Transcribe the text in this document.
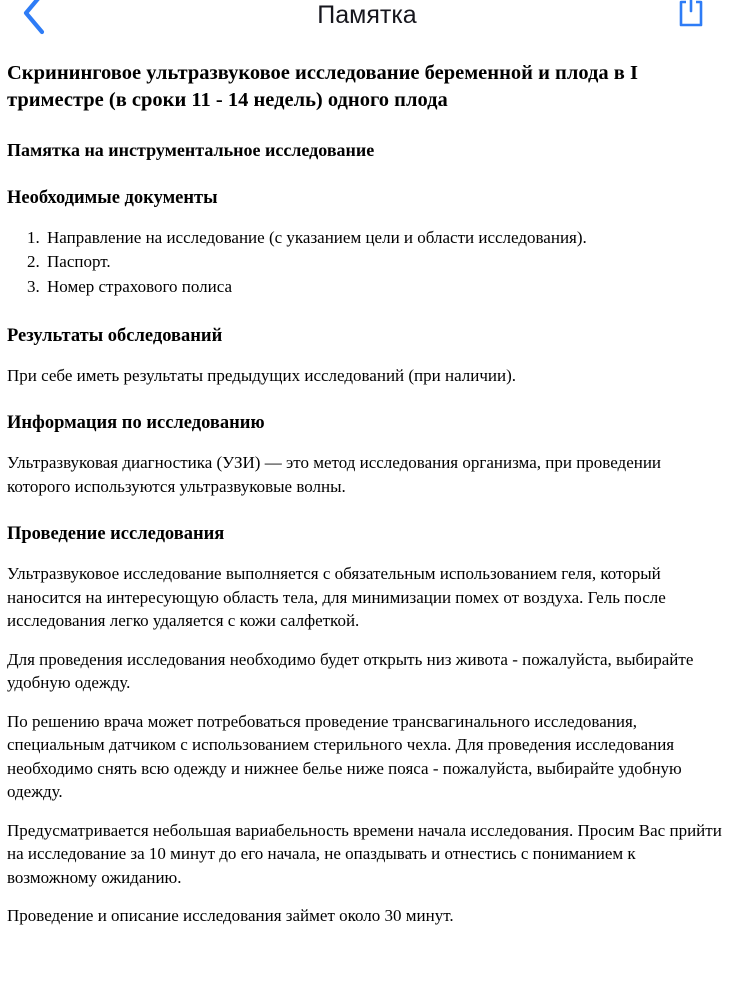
Памятка
Скрининговое ультразвуковое исследование беременной и плода в I триместре (в сроки 11 - 14 недель) одного плода
Памятка на инструментальное исследование
Необходимые документы
1. Направление на исследование (с указанием цели и области исследования).
2. Паспорт.
3. Номер страхового полиса
Результаты обследований

При себе иметь результаты предыдущих исследований (при наличии).

Информация по исследованию

Ультразвуковая диагностика (УЗИ) — это метод исследования организма, при проведении которого используются ультразвуковые волны.

Проведение исследования

Ультразвуковое исследование выполняется с обязательным использованием геля, который наносится на интересующую область тела, для минимизации помех от воздуха. Гель после исследования легко удаляется с кожи салфеткой.

Для проведения исследования необходимо будет открыть низ живота - пожалуйста, выбирайте удобную одежду.

По решению врача может потребоваться проведение трансвагинального исследования, специальным датчиком с использованием стерильного чехла. Для проведения исследования необходимо снять всю одежду и нижнее белье ниже пояса - пожалуйста, выбирайте удобную одежду.

Предусматривается небольшая вариабельность времени начала исследования. Просим Вас прийти на исследование за 10 минут до его начала, не опаздывать и отнестись с пониманием к возможному ожиданию.

Проведение и описание исследования займет около 30 минут.
